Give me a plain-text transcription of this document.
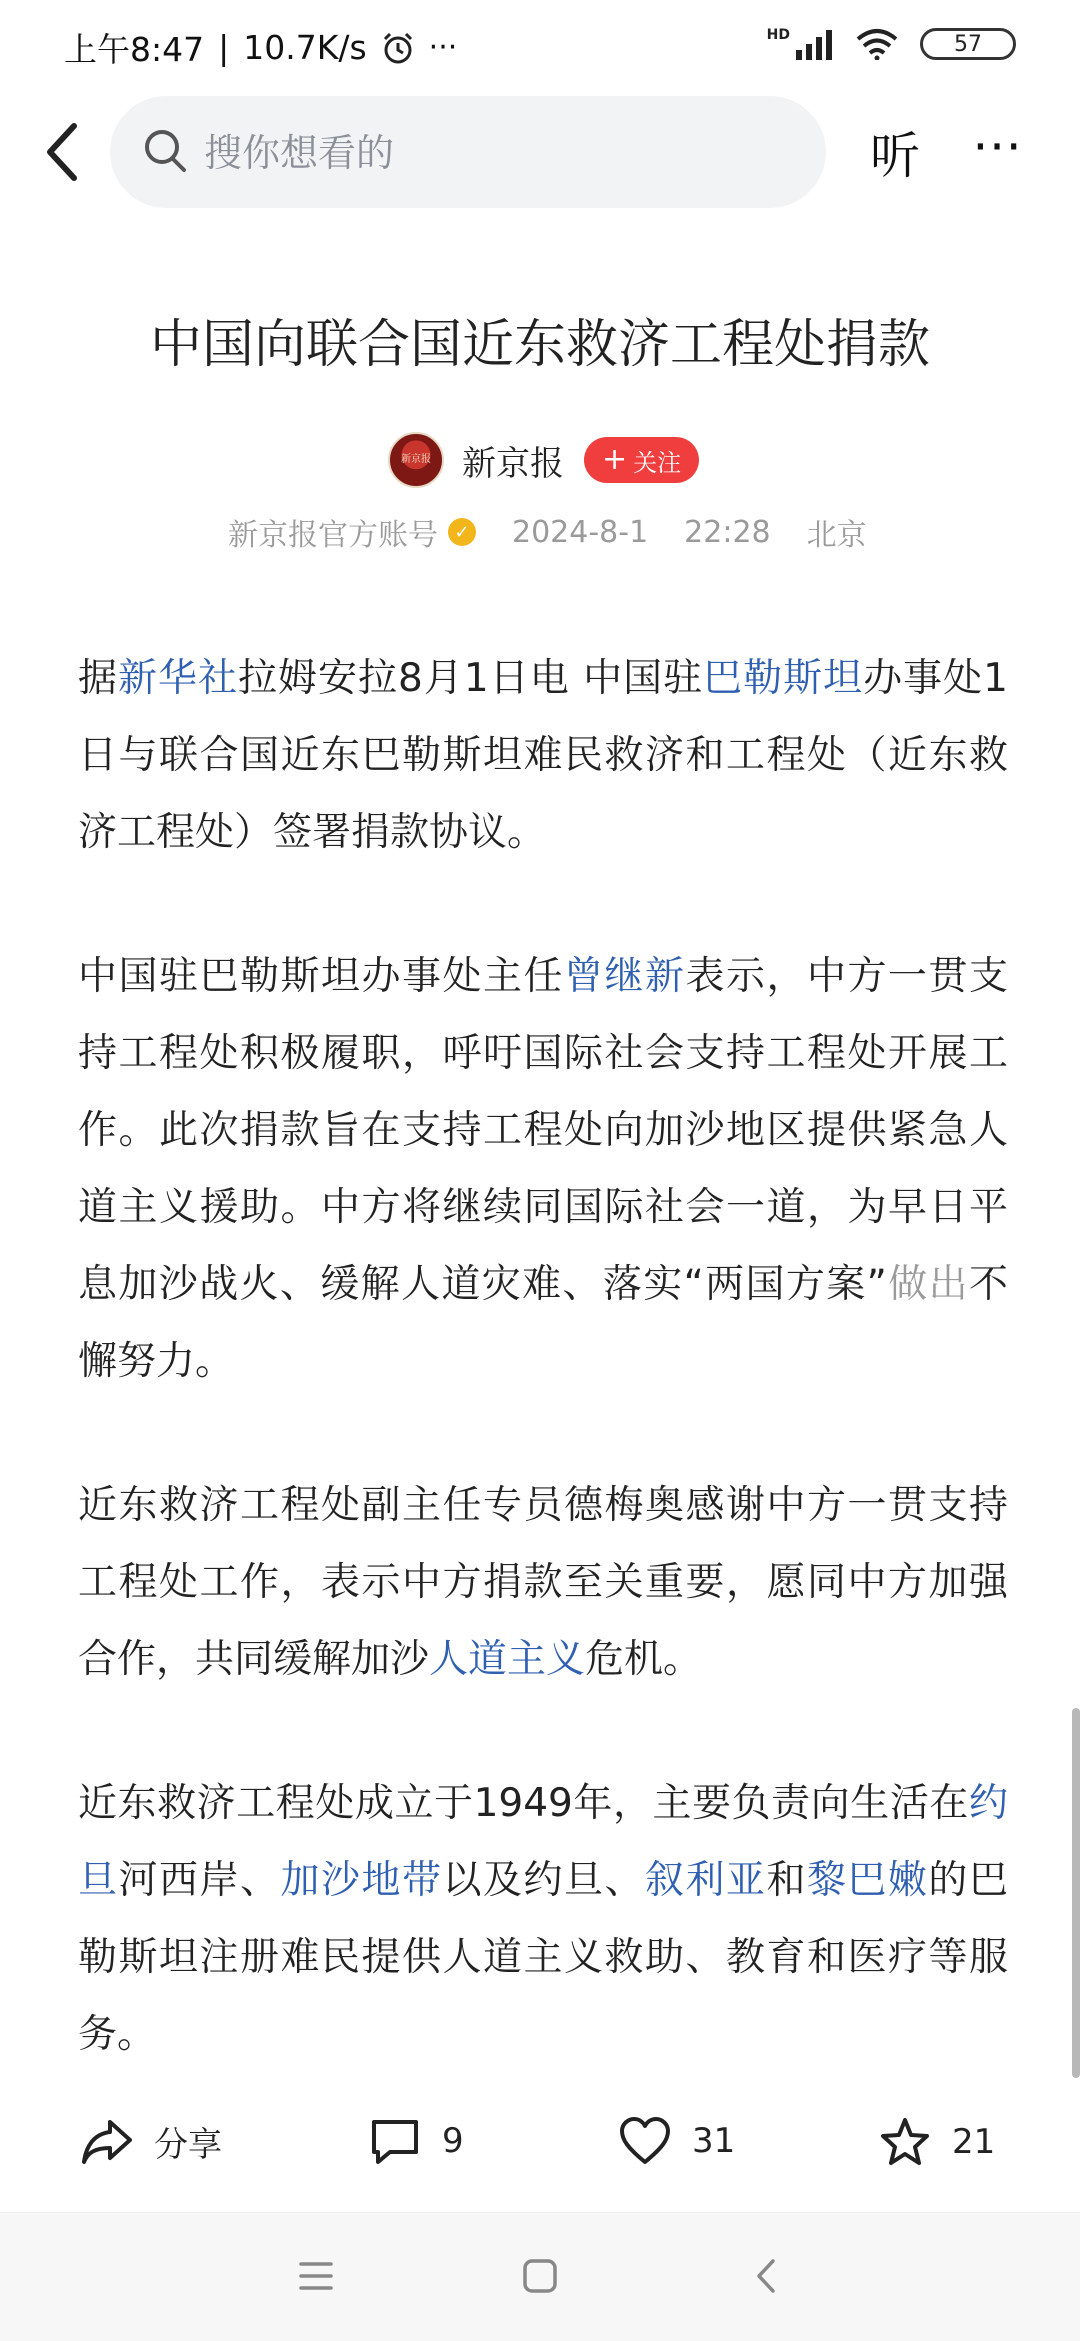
上午8:47 | 10.7K/s ···	HD	57
搜你想看的	听 ⋯
中国向联合国近东救济工程处捐款
新京报 新京报 + 关注
新京报官方账号 ✓ 2024-8-1 22:28 北京

据新华社拉姆安拉8月1日电 中国驻巴勒斯坦办事处1日与联合国近东巴勒斯坦难民救济和工程处（近东救济工程处）签署捐款协议。

中国驻巴勒斯坦办事处主任曾继新表示，中方一贯支持工程处积极履职，呼吁国际社会支持工程处开展工作。此次捐款旨在支持工程处向加沙地区提供紧急人道主义援助。中方将继续同国际社会一道，为早日平息加沙战火、缓解人道灾难、落实“两国方案”做出不懈努力。

近东救济工程处副主任专员德梅奥感谢中方一贯支持工程处工作，表示中方捐款至关重要，愿同中方加强合作，共同缓解加沙人道主义危机。

近东救济工程处成立于1949年，主要负责向生活在约旦河西岸、加沙地带以及约旦、叙利亚和黎巴嫩的巴勒斯坦注册难民提供人道主义救助、教育和医疗等服务。

分享	9	31	21
